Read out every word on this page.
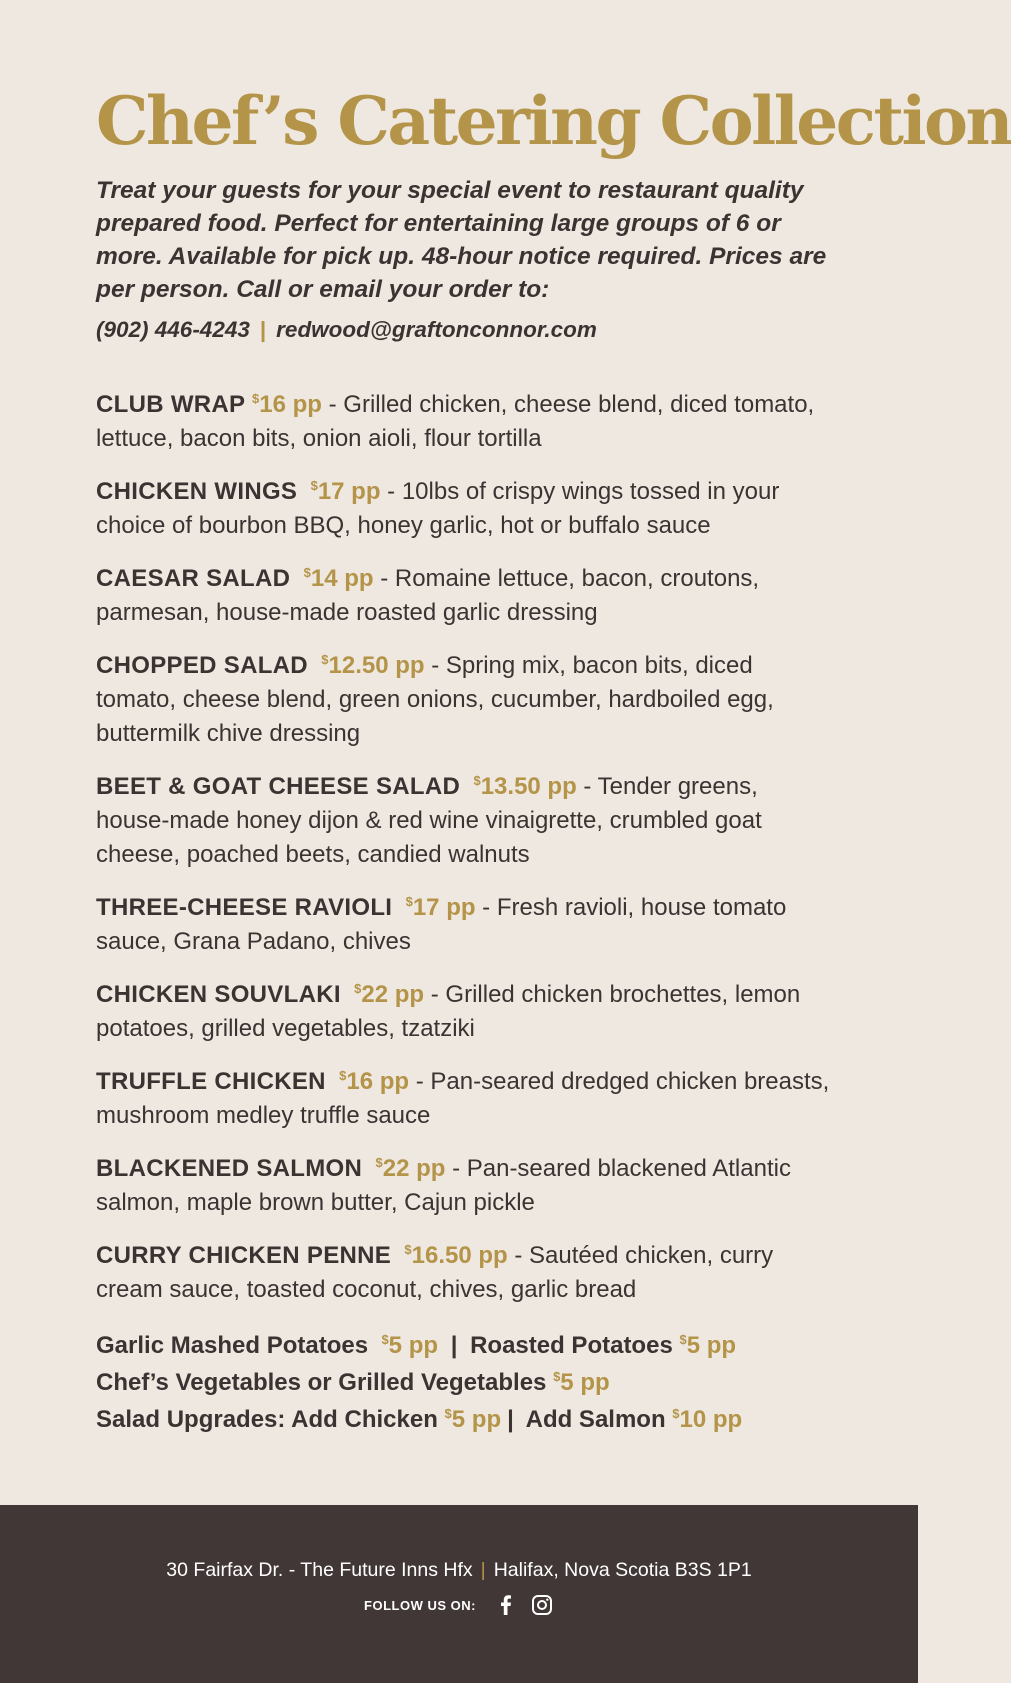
Chef’s Catering Collection

Treat your guests for your special event to restaurant quality prepared food. Perfect for entertaining large groups of 6 or more. Available for pick up. 48-hour notice required. Prices are per person. Call or email your order to:

(902) 446-4243 | redwood@graftonconnor.com

CLUB WRAP $16 pp - Grilled chicken, cheese blend, diced tomato, lettuce, bacon bits, onion aioli, flour tortilla

CHICKEN WINGS $17 pp - 10lbs of crispy wings tossed in your choice of bourbon BBQ, honey garlic, hot or buffalo sauce

CAESAR SALAD $14 pp - Romaine lettuce, bacon, croutons, parmesan, house-made roasted garlic dressing

CHOPPED SALAD $12.50 pp - Spring mix, bacon bits, diced tomato, cheese blend, green onions, cucumber, hardboiled egg, buttermilk chive dressing

BEET & GOAT CHEESE SALAD $13.50 pp - Tender greens, house-made honey dijon & red wine vinaigrette, crumbled goat cheese, poached beets, candied walnuts

THREE-CHEESE RAVIOLI $17 pp - Fresh ravioli, house tomato sauce, Grana Padano, chives

CHICKEN SOUVLAKI $22 pp - Grilled chicken brochettes, lemon potatoes, grilled vegetables, tzatziki

TRUFFLE CHICKEN $16 pp - Pan-seared dredged chicken breasts, mushroom medley truffle sauce

BLACKENED SALMON $22 pp - Pan-seared blackened Atlantic salmon, maple brown butter, Cajun pickle

CURRY CHICKEN PENNE $16.50 pp - Sautéed chicken, curry cream sauce, toasted coconut, chives, garlic bread

Garlic Mashed Potatoes $5 pp | Roasted Potatoes $5 pp
Chef’s Vegetables or Grilled Vegetables $5 pp
Salad Upgrades: Add Chicken $5 pp | Add Salmon $10 pp
30 Fairfax Dr. - The Future Inns Hfx | Halifax, Nova Scotia B3S 1P1
FOLLOW US ON:
